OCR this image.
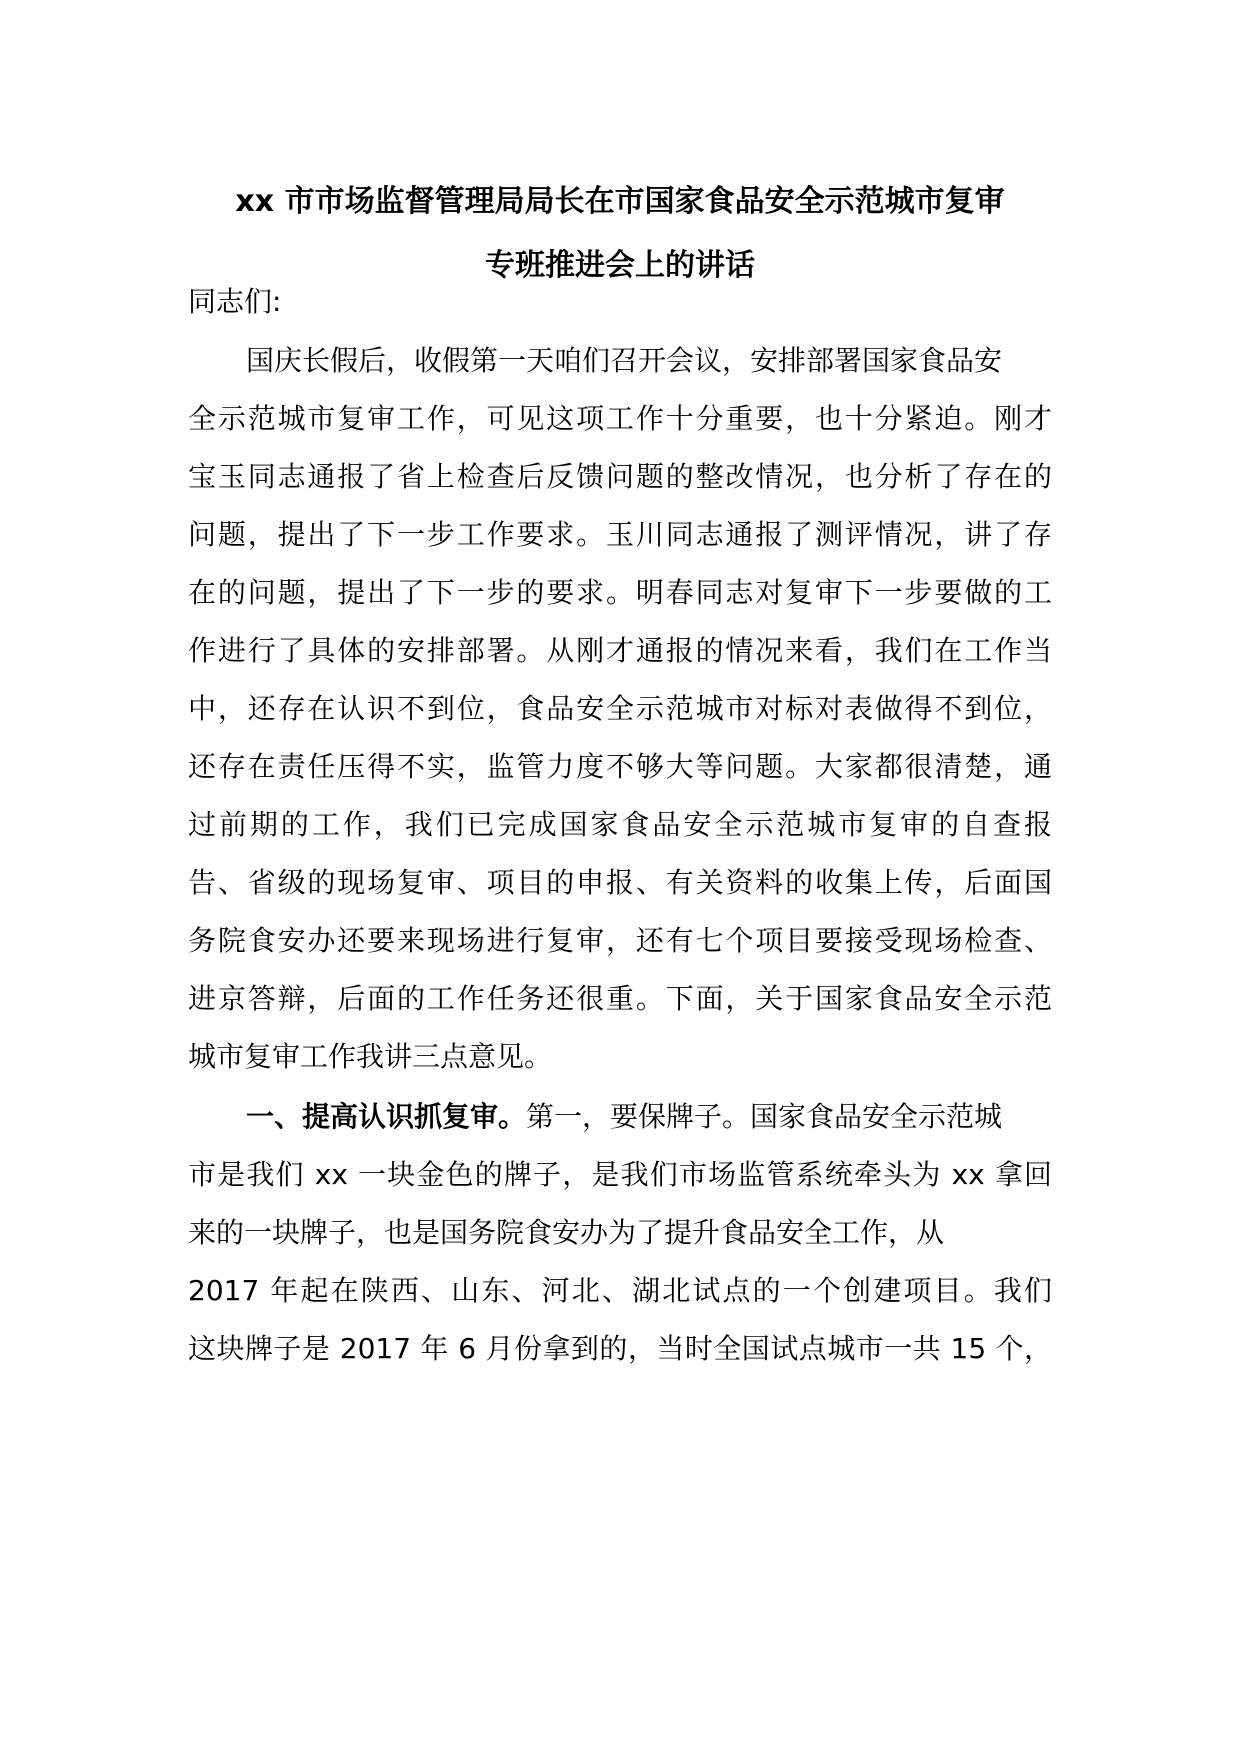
xx 市市场监督管理局局长在市国家食品安全示范城市复审
专班推进会上的讲话
同志们:
国庆长假后，收假第一天咱们召开会议，安排部署国家食品安
全示范城市复审工作，可见这项工作十分重要，也十分紧迫。刚才
宝玉同志通报了省上检查后反馈问题的整改情况，也分析了存在的
问题，提出了下一步工作要求。玉川同志通报了测评情况，讲了存
在的问题，提出了下一步的要求。明春同志对复审下一步要做的工
作进行了具体的安排部署。从刚才通报的情况来看，我们在工作当
中，还存在认识不到位，食品安全示范城市对标对表做得不到位，
还存在责任压得不实，监管力度不够大等问题。大家都很清楚，通
过前期的工作，我们已完成国家食品安全示范城市复审的自查报
告、省级的现场复审、项目的申报、有关资料的收集上传，后面国
务院食安办还要来现场进行复审，还有七个项目要接受现场检查、
进京答辩，后面的工作任务还很重。下面，关于国家食品安全示范
城市复审工作我讲三点意见。
一、提高认识抓复审。第一，要保牌子。国家食品安全示范城
市是我们 xx 一块金色的牌子，是我们市场监管系统牵头为 xx 拿回
来的一块牌子，也是国务院食安办为了提升食品安全工作，从
2017 年起在陕西、山东、河北、湖北试点的一个创建项目。我们
这块牌子是 2017 年 6 月份拿到的，当时全国试点城市一共 15 个，
